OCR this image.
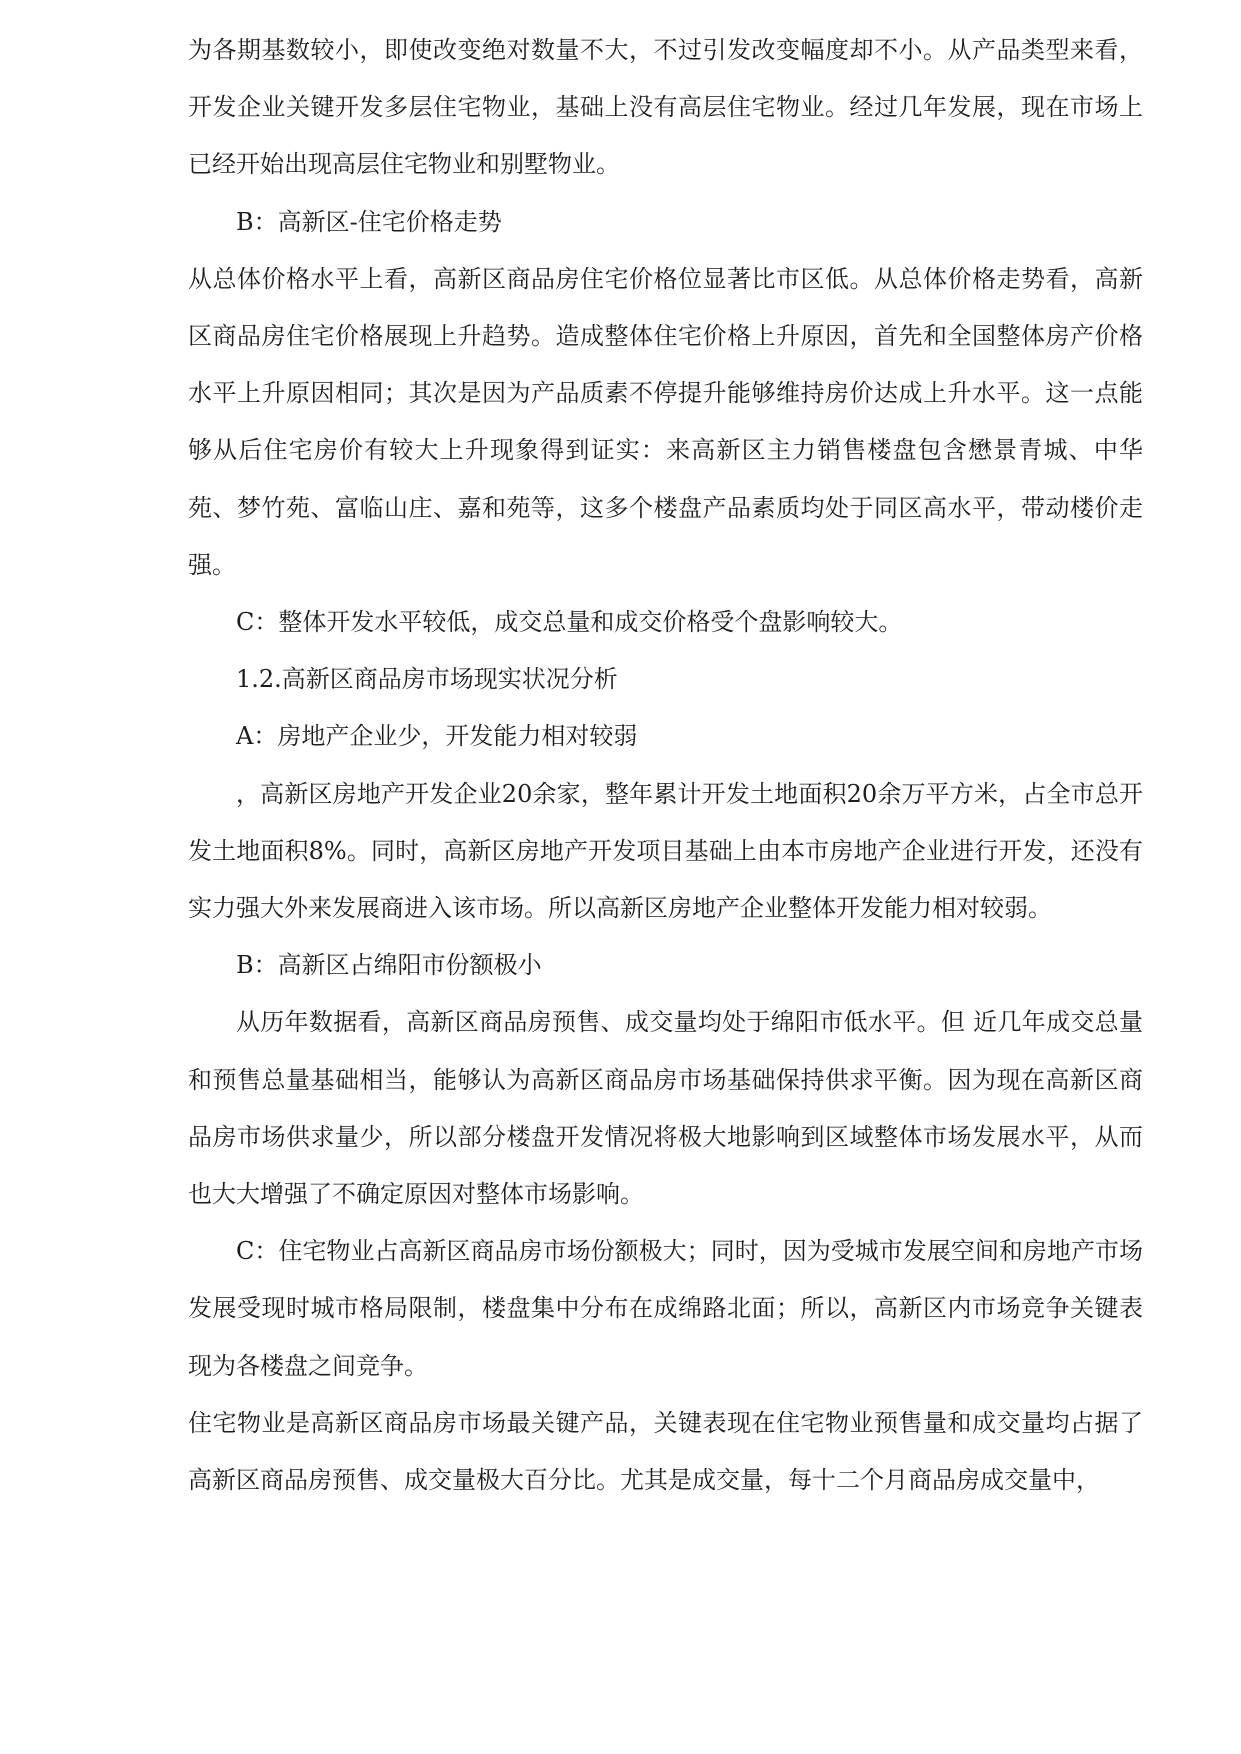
为各期基数较小，即使改变绝对数量不大，不过引发改变幅度却不小。从产品类型来看，开发企业关键开发多层住宅物业，基础上没有高层住宅物业。经过几年发展，现在市场上已经开始出现高层住宅物业和别墅物业。

B：高新区-住宅价格走势

从总体价格水平上看，高新区商品房住宅价格位显著比市区低。从总体价格走势看，高新区商品房住宅价格展现上升趋势。造成整体住宅价格上升原因，首先和全国整体房产价格水平上升原因相同；其次是因为产品质素不停提升能够维持房价达成上升水平。这一点能够从后住宅房价有较大上升现象得到证实：来高新区主力销售楼盘包含懋景青城、中华苑、梦竹苑、富临山庄、嘉和苑等，这多个楼盘产品素质均处于同区高水平，带动楼价走强。

C：整体开发水平较低，成交总量和成交价格受个盘影响较大。

1.2.高新区商品房市场现实状况分析

A：房地产企业少，开发能力相对较弱

，高新区房地产开发企业20余家，整年累计开发土地面积20余万平方米，占全市总开发土地面积8%。同时，高新区房地产开发项目基础上由本市房地产企业进行开发，还没有实力强大外来发展商进入该市场。所以高新区房地产企业整体开发能力相对较弱。

B：高新区占绵阳市份额极小

从历年数据看，高新区商品房预售、成交量均处于绵阳市低水平。但 近几年成交总量和预售总量基础相当，能够认为高新区商品房市场基础保持供求平衡。因为现在高新区商品房市场供求量少，所以部分楼盘开发情况将极大地影响到区域整体市场发展水平，从而也大大增强了不确定原因对整体市场影响。

C：住宅物业占高新区商品房市场份额极大；同时，因为受城市发展空间和房地产市场发展受现时城市格局限制，楼盘集中分布在成绵路北面；所以，高新区内市场竞争关键表现为各楼盘之间竞争。

住宅物业是高新区商品房市场最关键产品，关键表现在住宅物业预售量和成交量均占据了高新区商品房预售、成交量极大百分比。尤其是成交量，每十二个月商品房成交量中，
